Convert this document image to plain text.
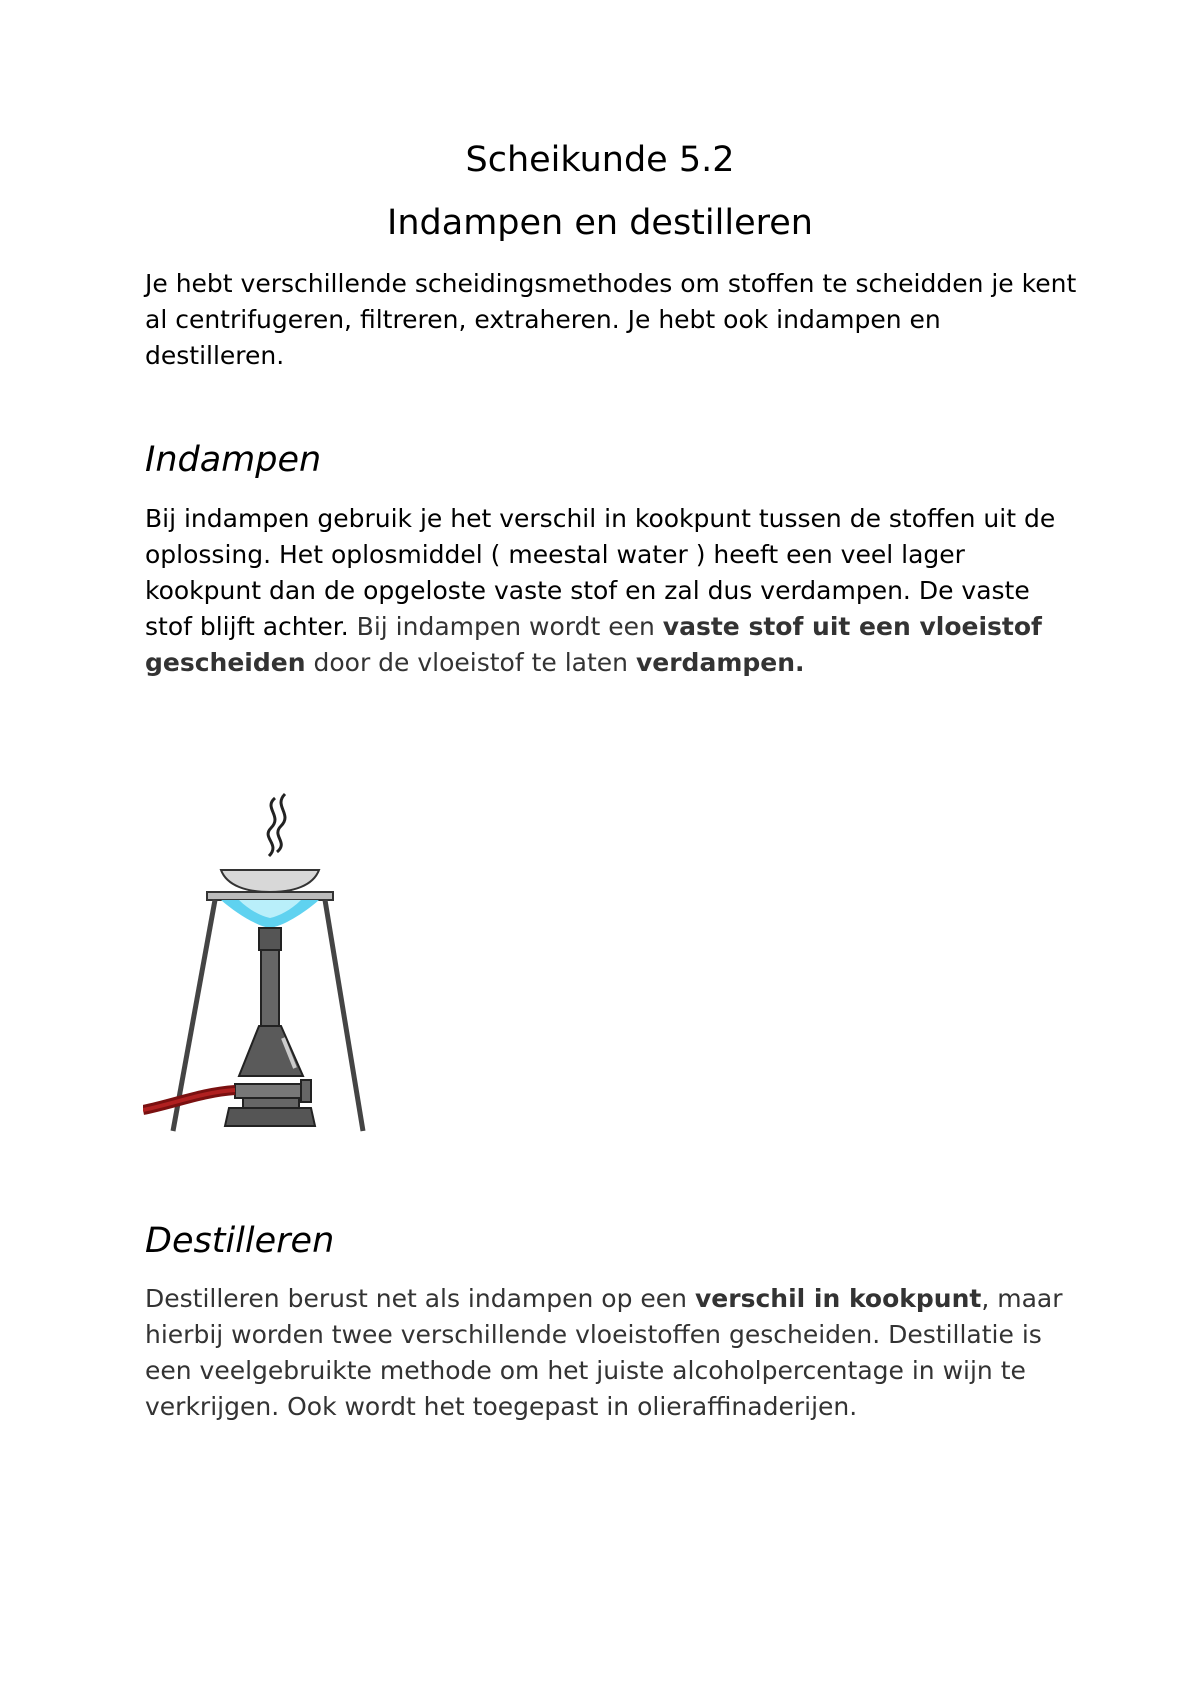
Scheikunde 5.2
Indampen en destilleren

Je hebt verschillende scheidingsmethodes om stoffen te scheidden je kent al centrifugeren, filtreren, extraheren. Je hebt ook indampen en destilleren.

Indampen

Bij indampen gebruik je het verschil in kookpunt tussen de stoffen uit de oplossing. Het oplosmiddel ( meestal water ) heeft een veel lager kookpunt dan de opgeloste vaste stof en zal dus verdampen. De vaste stof blijft achter. Bij indampen wordt een vaste stof uit een vloeistof gescheiden door de vloeistof te laten verdampen.

Destilleren

Destilleren berust net als indampen op een verschil in kookpunt, maar hierbij worden twee verschillende vloeistoffen gescheiden. Destillatie is een veelgebruikte methode om het juiste alcoholpercentage in wijn te verkrijgen. Ook wordt het toegepast in olieraffinaderijen.
